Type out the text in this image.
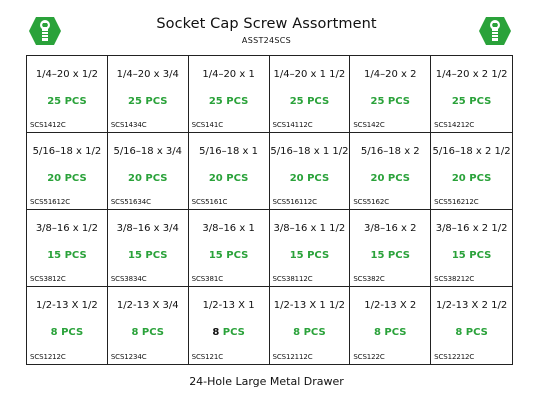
Socket Cap Screw Assortment
ASST24SCS
1/4–20 x 1/2
25 PCS
SCS1412C
1/4–20 x 3/4
25 PCS
SCS1434C
1/4–20 x 1
25 PCS
SCS141C
1/4–20 x 1 1/2
25 PCS
SCS14112C
1/4–20 x 2
25 PCS
SCS142C
1/4–20 x 2 1/2
25 PCS
SCS14212C
5/16–18 x 1/2
20 PCS
SCS51612C
5/16–18 x 3/4
20 PCS
SCS51634C
5/16–18 x 1
20 PCS
SCS5161C
5/16–18 x 1 1/2
20 PCS
SCS516112C
5/16–18 x 2
20 PCS
SCS5162C
5/16–18 x 2 1/2
20 PCS
SCS516212C
3/8–16 x 1/2
15 PCS
SCS3812C
3/8–16 x 3/4
15 PCS
SCS3834C
3/8–16 x 1
15 PCS
SCS381C
3/8–16 x 1 1/2
15 PCS
SCS38112C
3/8–16 x 2
15 PCS
SCS382C
3/8–16 x 2 1/2
15 PCS
SCS38212C
1/2-13 X 1/2
8 PCS
SCS1212C
1/2-13 X 3/4
8 PCS
SCS1234C
1/2-13 X 1
8 PCS
SCS121C
1/2-13 X 1 1/2
8 PCS
SCS12112C
1/2-13 X 2
8 PCS
SCS122C
1/2-13 X 2 1/2
8 PCS
SCS12212C
24-Hole Large Metal Drawer
